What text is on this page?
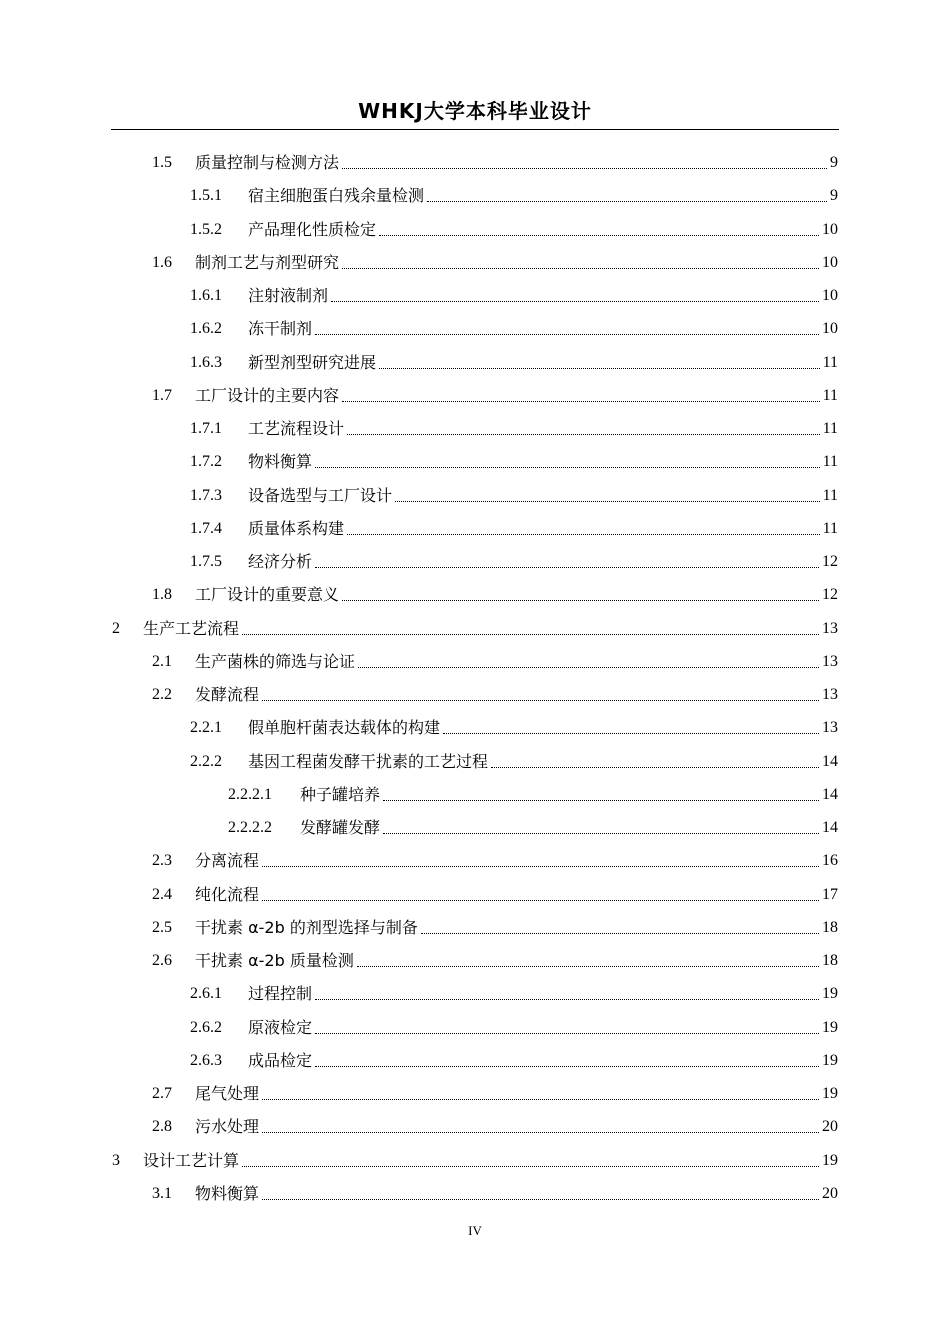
WHKJ大学本科毕业设计
1.5	质量控制与检测方法	9
1.5.1	宿主细胞蛋白残余量检测	9
1.5.2	产品理化性质检定	10
1.6	制剂工艺与剂型研究	10
1.6.1	注射液制剂	10
1.6.2	冻干制剂	10
1.6.3	新型剂型研究进展	11
1.7	工厂设计的主要内容	11
1.7.1	工艺流程设计	11
1.7.2	物料衡算	11
1.7.3	设备选型与工厂设计	11
1.7.4	质量体系构建	11
1.7.5	经济分析	12
1.8	工厂设计的重要意义	12
2	生产工艺流程	13
2.1	生产菌株的筛选与论证	13
2.2	发酵流程	13
2.2.1	假单胞杆菌表达载体的构建	13
2.2.2	基因工程菌发酵干扰素的工艺过程	14
2.2.2.1	种子罐培养	14
2.2.2.2	发酵罐发酵	14
2.3	分离流程	16
2.4	纯化流程	17
2.5	干扰素 α-2b 的剂型选择与制备	18
2.6	干扰素 α-2b 质量检测	18
2.6.1	过程控制	19
2.6.2	原液检定	19
2.6.3	成品检定	19
2.7	尾气处理	19
2.8	污水处理	20
3	设计工艺计算	19
3.1	物料衡算	20
IV
